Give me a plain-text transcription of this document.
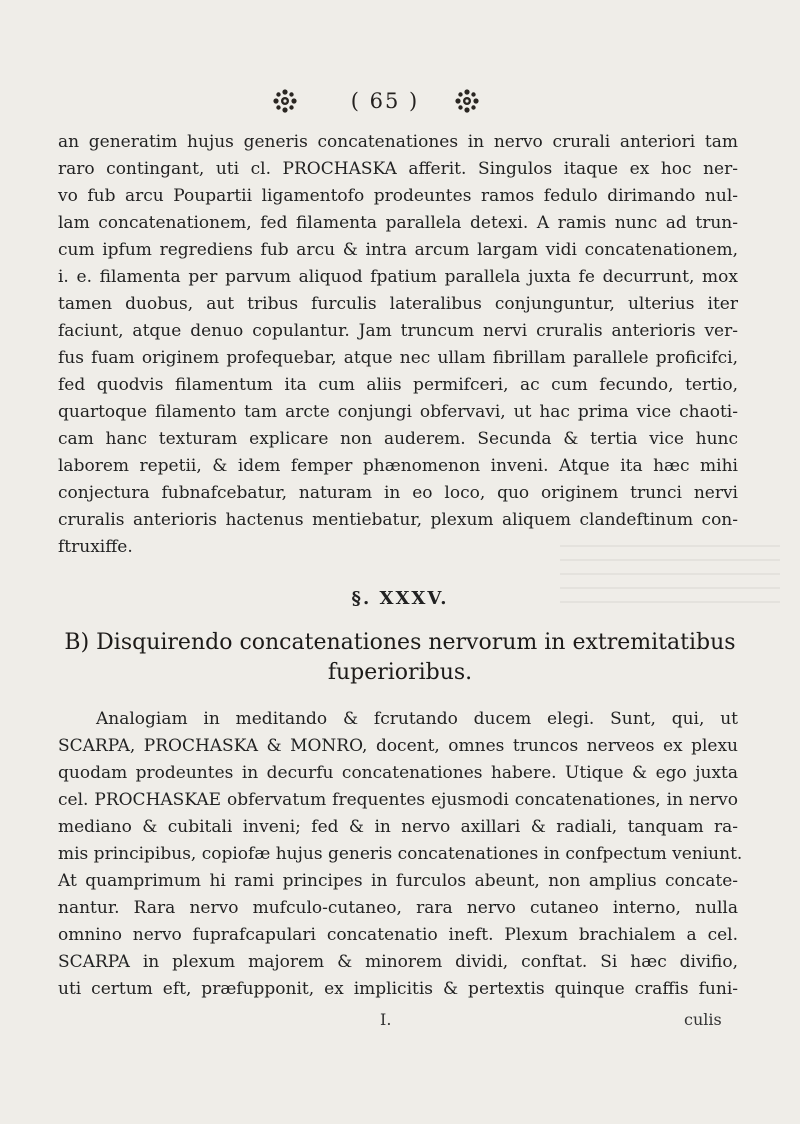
( 65 )
an generatim hujus generis concatenationes in nervo crurali anteriori tam
raro contingant, uti cl. PROCHASKA afferit. Singulos itaque ex hoc ner-
vo fub arcu Poupartii ligamentofo prodeuntes ramos fedulo dirimando nul-
lam concatenationem, fed filamenta parallela detexi. A ramis nunc ad trun-
cum ipfum regrediens fub arcu & intra arcum largam vidi concatenationem,
i. e. filamenta per parvum aliquod fpatium parallela juxta fe decurrunt, mox
tamen duobus, aut tribus furculis lateralibus conjunguntur, ulterius iter
faciunt, atque denuo copulantur. Jam truncum nervi cruralis anterioris ver-
fus fuam originem profequebar, atque nec ullam fibrillam parallele proficifci,
fed quodvis filamentum ita cum aliis permifceri, ac cum fecundo, tertio,
quartoque filamento tam arcte conjungi obfervavi, ut hac prima vice chaoti-
cam hanc texturam explicare non auderem. Secunda & tertia vice hunc
laborem repetii, & idem femper phænomenon inveni. Atque ita hæc mihi
conjectura fubnafcebatur, naturam in eo loco, quo originem trunci nervi
cruralis anterioris hactenus mentiebatur, plexum aliquem clandeftinum con-
ftruxiffe.
§. XXXV.
B) Disquirendo concatenationes nervorum in extremitatibus
fuperioribus.
Analogiam in meditando & fcrutando ducem elegi. Sunt, qui, ut
SCARPA, PROCHASKA & MONRO, docent, omnes truncos nerveos ex plexu
quodam prodeuntes in decurfu concatenationes habere. Utique & ego juxta
cel. PROCHASKAE obfervatum frequentes ejusmodi concatenationes, in nervo
mediano & cubitali inveni; fed & in nervo axillari & radiali, tanquam ra-
mis principibus, copiofæ hujus generis concatenationes in confpectum veniunt.
At quamprimum hi rami principes in furculos abeunt, non amplius concate-
nantur. Rara nervo mufculo-cutaneo, rara nervo cutaneo interno, nulla
omnino nervo fuprafcapulari concatenatio ineft. Plexum brachialem a cel.
SCARPA in plexum majorem & minorem dividi, conftat. Si hæc divifio,
uti certum eft, præfupponit, ex implicitis & pertextis quinque craffis funi-
I.	culis
